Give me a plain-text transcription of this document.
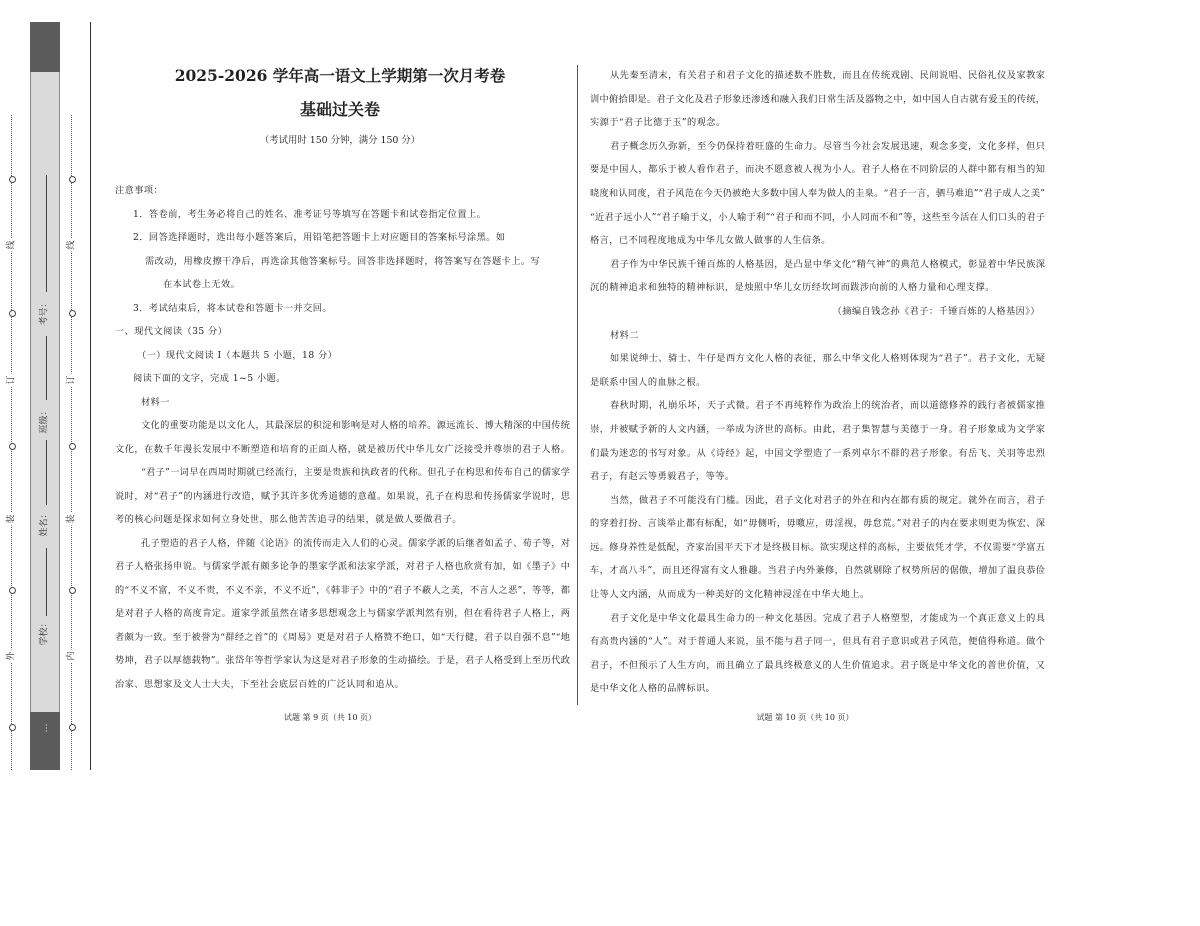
线
订
装
外
考号：
班级：
姓名：
学校：
…
线
订
装
内
2025-2026 学年高一语文上学期第一次月考卷
基础过关卷
（考试用时 150 分钟，满分 150 分）
注意事项：
1．答卷前，考生务必将自己的姓名、准考证号等填写在答题卡和试卷指定位置上。
2．回答选择题时，选出每小题答案后，用铅笔把答题卡上对应题目的答案标号涂黑。如
需改动，用橡皮擦干净后，再选涂其他答案标号。回答非选择题时，将答案写在答题卡上。写
在本试卷上无效。
3．考试结束后，将本试卷和答题卡一并交回。
一、现代文阅读（35 分）
（一）现代文阅读 I（本题共 5 小题，18 分）
阅读下面的文字，完成 1~5 小题。
材料一
文化的重要功能是以文化人，其最深层的积淀和影响是对人格的培养。源远流长、博大精深的中国传统
文化，在数千年漫长发展中不断塑造和培育的正面人格，就是被历代中华儿女广泛接受并尊崇的君子人格。
“君子”一词早在西周时期就已经流行，主要是贵族和执政者的代称。但孔子在构思和传布自己的儒家学
说时，对“君子”的内涵进行改造，赋予其许多优秀道德的意蕴。如果说，孔子在构思和传扬儒家学说时，思
考的核心问题是探求如何立身处世，那么他苦苦追寻的结果，就是做人要做君子。
孔子塑造的君子人格，伴随《论语》的流传而走入人们的心灵。儒家学派的后继者如孟子、荀子等，对
君子人格张扬申说。与儒家学派有颇多论争的墨家学派和法家学派，对君子人格也欣赏有加，如《墨子》中
的“不义不富，不义不贵，不义不亲，不义不近”，《韩非子》中的“君子不蔽人之美，不言人之恶”，等等，都
是对君子人格的高度肯定。道家学派虽然在诸多思想观念上与儒家学派判然有别，但在看待君子人格上，两
者颇为一致。至于被誉为“群经之首”的《周易》更是对君子人格赞不绝口，如“天行健，君子以自强不息”“地
势坤，君子以厚德载物”。张岱年等哲学家认为这是对君子形象的生动描绘。于是，君子人格受到上至历代政
治家、思想家及文人士大夫，下至社会底层百姓的广泛认同和追从。
试题 第 9 页（共 10 页）
从先秦至清末，有关君子和君子文化的描述数不胜数，而且在传统戏剧、民间说唱、民俗礼仪及家教家
训中俯拾即是。君子文化及君子形象还渗透和融入我们日常生活及器物之中，如中国人自古就有爱玉的传统，
实源于“君子比德于玉”的观念。
君子概念历久弥新，至今仍保持着旺盛的生命力。尽管当今社会发展迅速，观念多变，文化多样，但只
要是中国人，都乐于被人看作君子，而决不愿意被人视为小人。君子人格在不同阶层的人群中都有相当的知
晓度和认同度，君子风范在今天仍被绝大多数中国人奉为做人的圭臬。“君子一言，驷马难追”“君子成人之美”
“近君子远小人”“君子喻于义，小人喻于利”“君子和而不同，小人同而不和”等，这些至今活在人们口头的君子
格言，已不同程度地成为中华儿女做人做事的人生信条。
君子作为中华民族千锤百炼的人格基因，是凸显中华文化“精气神”的典范人格模式，彰显着中华民族深
沉的精神追求和独特的精神标识，是烛照中华儿女历经坎坷而跋涉向前的人格力量和心理支撑。
（摘编自钱念孙《君子：千锤百炼的人格基因》）
材料二
如果说绅士、骑士、牛仔是西方文化人格的表征，那么中华文化人格则体现为“君子”。君子文化，无疑
是联系中国人的血脉之根。
春秋时期，礼崩乐坏，天子式微。君子不再纯粹作为政治上的统治者，而以道德修养的践行者被儒家推
崇，并被赋予新的人文内涵，一举成为济世的高标。由此，君子集智慧与美德于一身。君子形象成为文学家
们最为迷恋的书写对象。从《诗经》起，中国文学塑造了一系列卓尔不群的君子形象。有岳飞、关羽等忠烈
君子，有赵云等勇毅君子，等等。
当然，做君子不可能没有门槛。因此，君子文化对君子的外在和内在都有质的规定。就外在而言，君子
的穿着打扮、言谈举止都有标配，如“毋侧听，毋噭应，毋淫视，毋怠荒。”对君子的内在要求则更为恢宏、深
远。修身养性是低配，齐家治国平天下才是终极目标。欲实现这样的高标，主要依凭才学，不仅需要“学富五
车，才高八斗”，而且还得富有文人雅趣。当君子内外兼修，自然就剔除了权势所居的倨傲，增加了温良恭俭
让等人文内涵，从而成为一种美好的文化精神浸淫在中华大地上。
君子文化是中华文化最具生命力的一种文化基因。完成了君子人格塑型，才能成为一个真正意义上的具
有高贵内涵的“人”。对于普通人来说，虽不能与君子同一，但具有君子意识或君子风范，便值得称道。做个
君子，不但预示了人生方向，而且确立了最具终极意义的人生价值追求。君子既是中华文化的普世价值，又
是中华文化人格的品牌标识。
试题 第 10 页（共 10 页）
